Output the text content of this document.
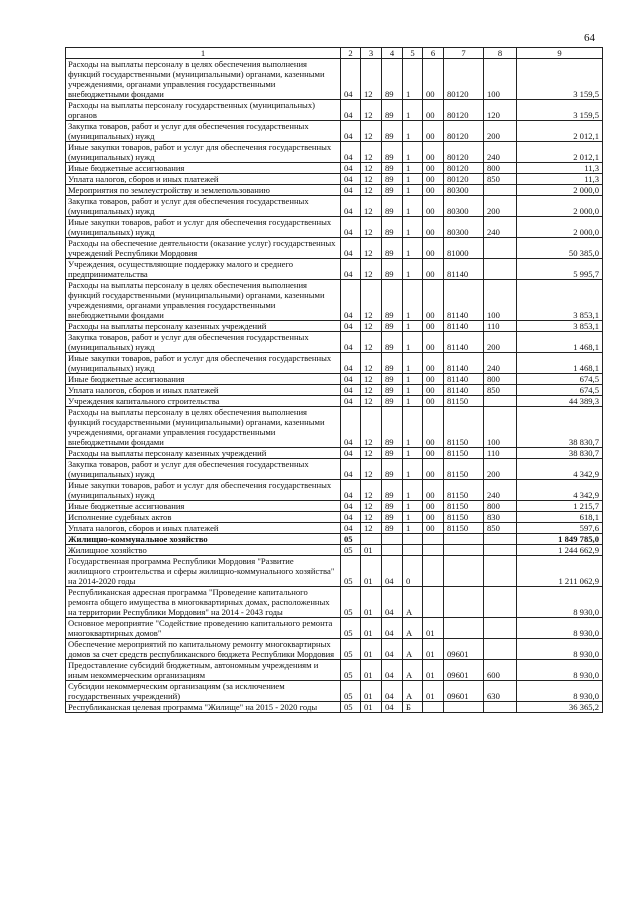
64
1	2	3	4	5	6	7	8	9
Расходы на выплаты персоналу в целях обеспечения выполнения функций государственными (муниципальными) органами, казенными учреждениями, органами управления государственными внебюджетными фондами	04	12	89	1	00	80120	100	3 159,5
Расходы на выплаты персоналу государственных (муниципальных) органов	04	12	89	1	00	80120	120	3 159,5
Закупка товаров, работ и услуг для обеспечения государственных (муниципальных) нужд	04	12	89	1	00	80120	200	2 012,1
Иные закупки товаров, работ и услуг для обеспечения государственных (муниципальных) нужд	04	12	89	1	00	80120	240	2 012,1
Иные бюджетные ассигнования	04	12	89	1	00	80120	800	11,3
Уплата налогов, сборов и иных платежей	04	12	89	1	00	80120	850	11,3
Мероприятия по землеустройству и землепользованию	04	12	89	1	00	80300		2 000,0
Закупка товаров, работ и услуг для обеспечения государственных (муниципальных) нужд	04	12	89	1	00	80300	200	2 000,0
Иные закупки товаров, работ и услуг для обеспечения государственных (муниципальных) нужд	04	12	89	1	00	80300	240	2 000,0
Расходы на обеспечение деятельности (оказание услуг) государственных учреждений Республики Мордовия	04	12	89	1	00	81000		50 385,0
Учреждения, осуществляющие поддержку малого и среднего предпринимательства	04	12	89	1	00	81140		5 995,7
Расходы на выплаты персоналу в целях обеспечения выполнения функций государственными (муниципальными) органами, казенными учреждениями, органами управления государственными внебюджетными фондами	04	12	89	1	00	81140	100	3 853,1
Расходы на выплаты персоналу казенных учреждений	04	12	89	1	00	81140	110	3 853,1
Закупка товаров, работ и услуг для обеспечения государственных (муниципальных) нужд	04	12	89	1	00	81140	200	1 468,1
Иные закупки товаров, работ и услуг для обеспечения государственных (муниципальных) нужд	04	12	89	1	00	81140	240	1 468,1
Иные бюджетные ассигнования	04	12	89	1	00	81140	800	674,5
Уплата налогов, сборов и иных платежей	04	12	89	1	00	81140	850	674,5
Учреждения капитального строительства	04	12	89	1	00	81150		44 389,3
Расходы на выплаты персоналу в целях обеспечения выполнения функций государственными (муниципальными) органами, казенными учреждениями, органами управления государственными внебюджетными фондами	04	12	89	1	00	81150	100	38 830,7
Расходы на выплаты персоналу казенных учреждений	04	12	89	1	00	81150	110	38 830,7
Закупка товаров, работ и услуг для обеспечения государственных (муниципальных) нужд	04	12	89	1	00	81150	200	4 342,9
Иные закупки товаров, работ и услуг для обеспечения государственных (муниципальных) нужд	04	12	89	1	00	81150	240	4 342,9
Иные бюджетные ассигнования	04	12	89	1	00	81150	800	1 215,7
Исполнение судебных актов	04	12	89	1	00	81150	830	618,1
Уплата налогов, сборов и иных платежей	04	12	89	1	00	81150	850	597,6
Жилищно-коммунальное хозяйство	05							1 849 785,0
Жилищное хозяйство	05	01						1 244 662,9
Государственная программа Республики Мордовия "Развитие жилищного строительства и сферы жилищно-коммунального хозяйства" на 2014-2020 годы	05	01	04	0				1 211 062,9
Республиканская адресная программа "Проведение капитального ремонта общего имущества в многоквартирных домах, расположенных на территории Республики Мордовия" на 2014 - 2043 годы	05	01	04	А				8 930,0
Основное мероприятие "Содействие проведению капитального ремонта многоквартирных домов"	05	01	04	А	01			8 930,0
Обеспечение мероприятий по капитальному ремонту многоквартирных домов за счет средств республиканского бюджета Республики Мордовия	05	01	04	А	01	09601		8 930,0
Предоставление субсидий бюджетным, автономным учреждениям и иным некоммерческим организациям	05	01	04	А	01	09601	600	8 930,0
Субсидии некоммерческим организациям (за исключением государственных учреждений)	05	01	04	А	01	09601	630	8 930,0
Республиканская целевая программа "Жилище" на 2015 - 2020 годы	05	01	04	Б				36 365,2
